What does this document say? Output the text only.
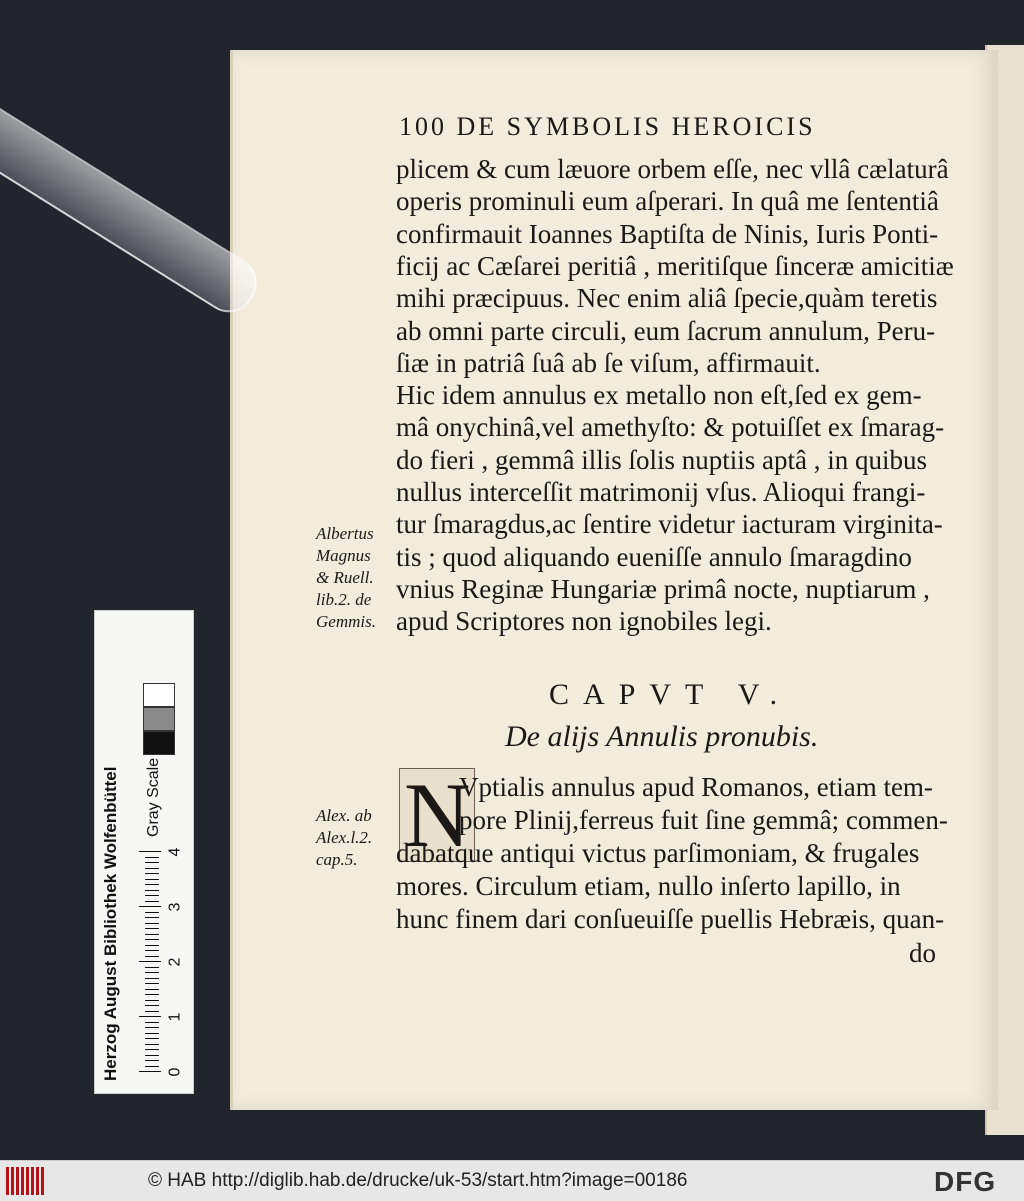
100 DE SYMBOLIS HEROICIS
plicem & cum læuore orbem eſſe, nec vllâ cælaturâ
operis prominuli eum aſperari. In quâ me ſententiâ
confirmauit Ioannes Baptiſta de Ninis, Iuris Ponti-
ficij ac Cæſarei peritiâ , meritiſque ſinceræ amicitiæ
mihi præcipuus. Nec enim aliâ ſpecie,quàm teretis
ab omni parte circuli, eum ſacrum annulum, Peru-
ſiæ in patriâ ſuâ ab ſe viſum, affirmauit.
Hic idem annulus ex metallo non eſt,ſed ex gem-
mâ onychinâ,vel amethyſto: & potuiſſet ex ſmarag-
do fieri , gemmâ illis ſolis nuptiis aptâ , in quibus
nullus interceſſit matrimonij vſus. Alioqui frangi-
tur ſmaragdus,ac ſentire videtur iacturam virginita-
tis ; quod aliquando eueniſſe annulo ſmaragdino
vnius Reginæ Hungariæ primâ nocte, nuptiarum ,
apud Scriptores non ignobiles legi.
Albertus
Magnus
& Ruell.
lib.2. de
Gemmis.
CAPVT V.
De aliјs Annulis pronubis.
N
Vptialis annulus apud Romanos, etiam tem-
pore Plinij,ferreus fuit ſine gemmâ; commen-
dabatque antiqui victus parſimoniam, & frugales
mores. Circulum etiam, nullo inſerto lapillo, in
hunc finem dari conſueuiſſe puellis Hebræis, quan-
Alex. ab
Alex.l.2.
cap.5.
do
Herzog August Bibliothek Wolfenbüttel Gray Scale
0
1
2
3
4
© HAB http://diglib.hab.de/drucke/uk-53/start.htm?image=00186	DFG
